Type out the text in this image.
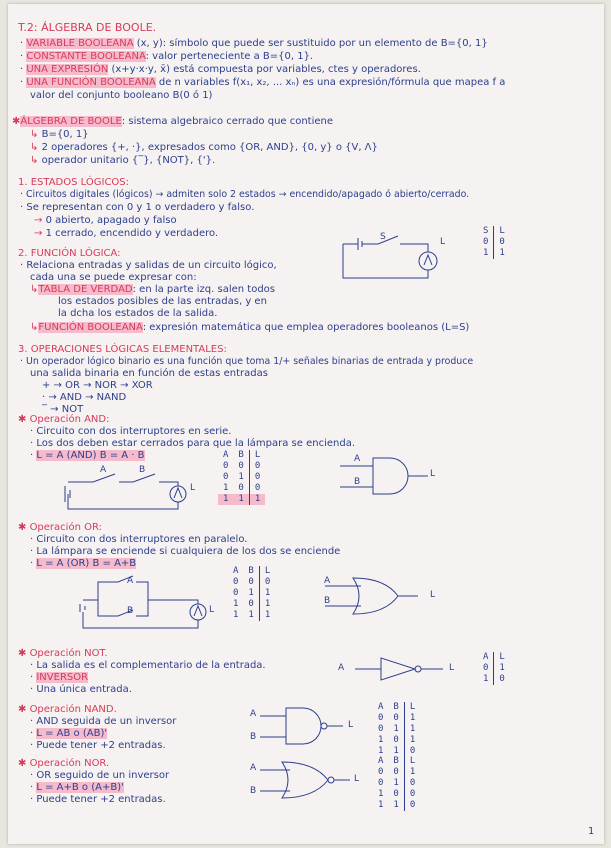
T.2: ÁLGEBRA DE BOOLE.
· VARIABLE BOOLEANA (x, y): símbolo que puede ser sustituido por un elemento de B={0, 1}
· CONSTANTE BOOLEANA: valor perteneciente a B={0, 1}.
· UNA EXPRESIÓN (x+y·x·y, x̄) está compuesta por variables, ctes y operadores.
· UNA FUNCIÓN BOOLEANA de n variables f(x₁, x₂, ... xₙ) es una expresión/fórmula que mapea f a
valor del conjunto booleano B(0 ó 1)
✱ÁLGEBRA DE BOOLE: sistema algebraico cerrado que contiene
↳ B={0, 1}
↳ 2 operadores {+, ·}, expresados como {OR, AND}, {0, y} o {V, Λ}
↳ operador unitario {‾}, {NOT}, {'}.
1. ESTADOS LÓGICOS:
· Circuitos digitales (lógicos) → admiten solo 2 estados → encendido/apagado ó abierto/cerrado.
· Se representan con 0 y 1 o verdadero y falso.
→ 0 abierto, apagado y falso
→ 1 cerrado, encendido y verdadero.	S	L
S	L
0	0
1	1
2. FUNCIÓN LÓGICA:
· Relaciona entradas y salidas de un circuito lógico,
cada una se puede expresar con:
↳TABLA DE VERDAD: en la parte izq. salen todos
los estados posibles de las entradas, y en
la dcha los estados de la salida.
↳FUNCIÓN BOOLEANA: expresión matemática que emplea operadores booleanos (L=S)
3. OPERACIONES LÓGICAS ELEMENTALES:
· Un operador lógico binario es una función que toma 1/+ señales binarias de entrada y produce
una salida binaria en función de estas entradas
+ → OR → NOR → XOR
· → AND → NAND
‾ → NOT
✱ Operación AND:
· Circuito con dos interruptores en serie.
· Los dos deben estar cerrados para que la lámpara se encienda.
· L = A (AND) B = A · B
A	B
L
A	B	L
0	0	0
0	1	0
1	0	0
1	1	1
A
B
L
✱ Operación OR:
· Circuito con dos interruptores en paralelo.
· La lámpara se enciende si cualquiera de los dos se enciende
· L = A (OR) B = A+B
A
B	L
A	B	L
0	0	0
0	1	1
1	0	1
1	1	1
A
B
L
✱ Operación NOT.
· La salida es el complementario de la entrada.
· INVERSOR
· Una única entrada.
A	L
A	L
0	1
1	0
✱ Operación NAND.
· AND seguida de un inversor
· L = AB o (AB)'
· Puede tener +2 entradas.
A
B
L
A	B	L
0	0	1
0	1	1
1	0	1
1	1	0
✱ Operación NOR.
· OR seguido de un inversor
· L = A+B o (A+B)'
· Puede tener +2 entradas.
A
B
L
A	B	L
0	0	1
0	1	0
1	0	0
1	1	0
1
